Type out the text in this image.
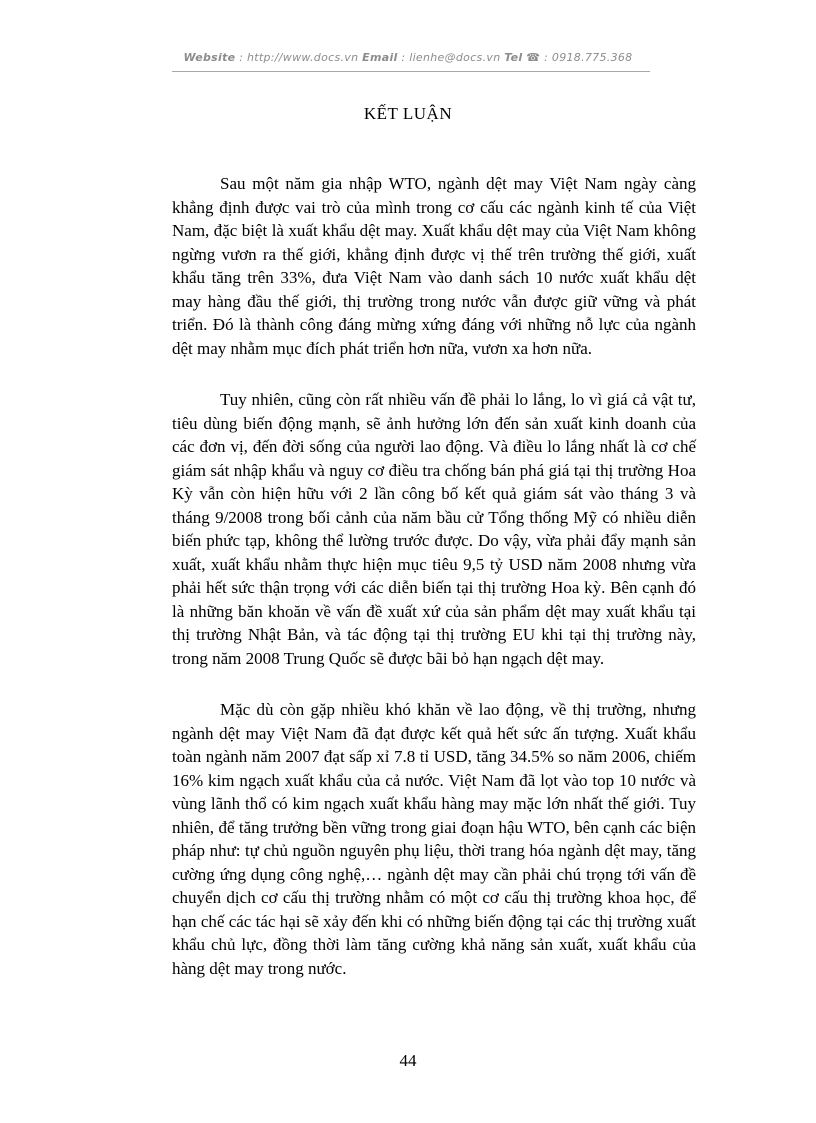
Website : http://www.docs.vn Email : lienhe@docs.vn Tel ☎ : 0918.775.368
KẾT LUẬN

Sau một năm gia nhập WTO, ngành dệt may Việt Nam ngày càng khẳng định được vai trò của mình trong cơ cấu các ngành kinh tế của Việt Nam, đặc biệt là xuất khẩu dệt may. Xuất khẩu dệt may của Việt Nam không ngừng vươn ra thế giới, khẳng định được vị thế trên trường thế giới, xuất khẩu tăng trên 33%, đưa Việt Nam vào danh sách 10 nước xuất khẩu dệt may hàng đầu thế giới, thị trường trong nước vẫn được giữ vững và phát triển. Đó là thành công đáng mừng xứng đáng với những nỗ lực của ngành dệt may nhằm mục đích phát triển hơn nữa, vươn xa hơn nữa.

Tuy nhiên, cũng còn rất nhiều vấn đề phải lo lắng, lo vì giá cả vật tư, tiêu dùng biến động mạnh, sẽ ảnh hưởng lớn đến sản xuất kinh doanh của các đơn vị, đến đời sống của người lao động. Và điều lo lắng nhất là cơ chế giám sát nhập khẩu và nguy cơ điều tra chống bán phá giá tại thị trường Hoa Kỳ vẫn còn hiện hữu với 2 lần công bố kết quả giám sát vào tháng 3 và tháng 9/2008 trong bối cảnh của năm bầu cử Tổng thống Mỹ có nhiều diễn biến phức tạp, không thể lường trước được. Do vậy, vừa phải đẩy mạnh sản xuất, xuất khẩu nhằm thực hiện mục tiêu 9,5 tỷ USD năm 2008 nhưng vừa phải hết sức thận trọng với các diễn biến tại thị trường Hoa kỳ. Bên cạnh đó là những băn khoăn về vấn đề xuất xứ của sản phẩm dệt may xuất khẩu tại thị trường Nhật Bản, và tác động tại thị trường EU khi tại thị trường này, trong năm 2008 Trung Quốc sẽ được bãi bỏ hạn ngạch dệt may.

Mặc dù còn gặp nhiều khó khăn về lao động, về thị trường, nhưng ngành dệt may Việt Nam đã đạt được kết quả hết sức ấn tượng. Xuất khẩu toàn ngành năm 2007 đạt sấp xỉ 7.8 tỉ USD, tăng 34.5% so năm 2006, chiếm 16% kim ngạch xuất khẩu của cả nước. Việt Nam đã lọt vào top 10 nước và vùng lãnh thổ có kim ngạch xuất khẩu hàng may mặc lớn nhất thế giới. Tuy nhiên, để tăng trưởng bền vững trong giai đoạn hậu WTO, bên cạnh các biện pháp như: tự chủ nguồn nguyên phụ liệu, thời trang hóa ngành dệt may, tăng cường ứng dụng công nghệ,… ngành dệt may cần phải chú trọng tới vấn đề chuyển dịch cơ cấu thị trường nhằm có một cơ cấu thị trường khoa học, để hạn chế các tác hại sẽ xảy đến khi có những biến động tại các thị trường xuất khẩu chủ lực, đồng thời làm tăng cường khả năng sản xuất, xuất khẩu của hàng dệt may trong nước.

44
